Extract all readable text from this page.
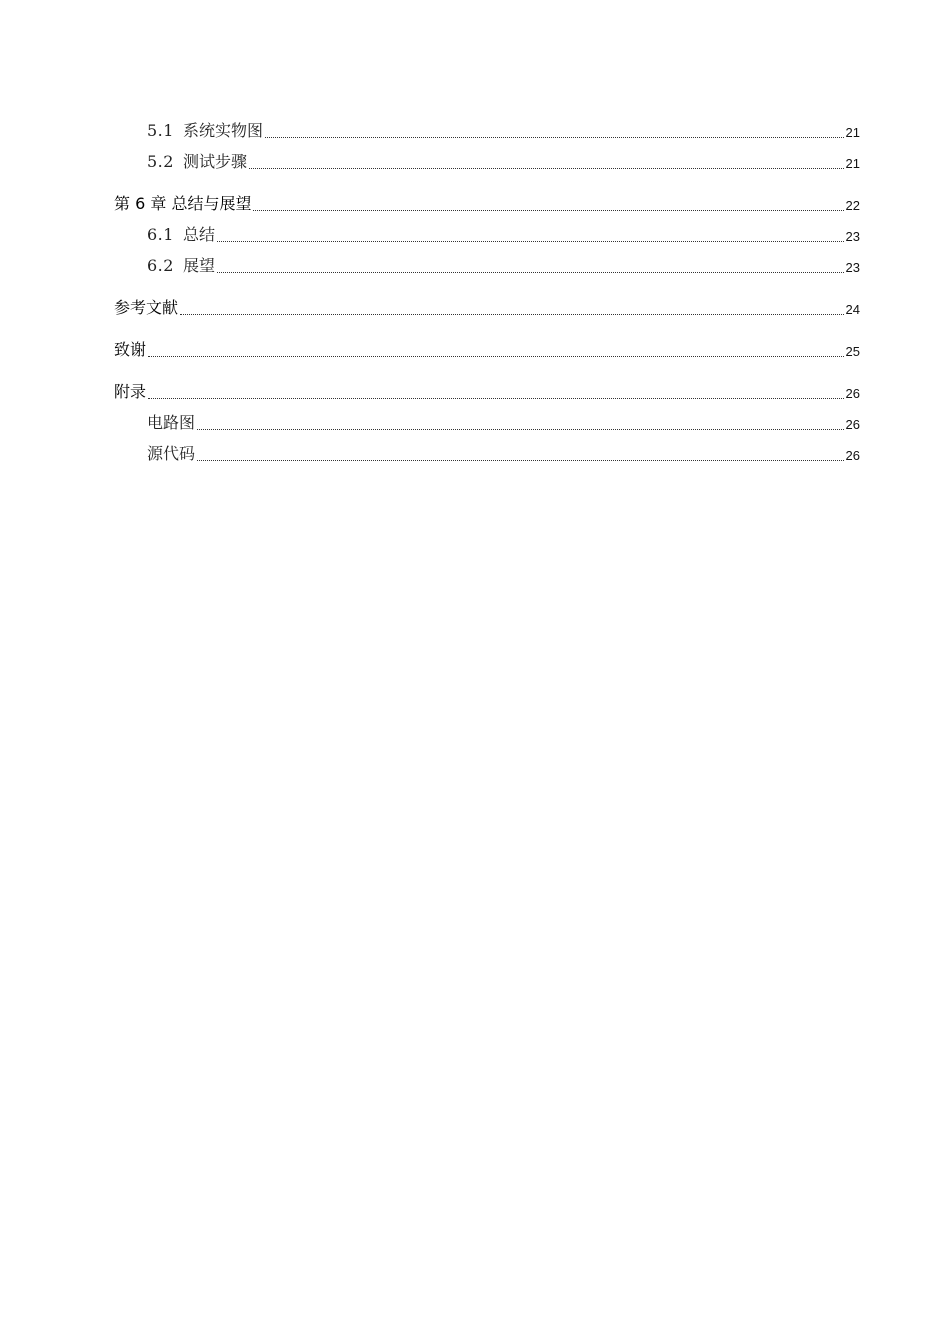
5.1 系统实物图	21
5.2 测试步骤	21
第 6 章 总结与展望	22
6.1 总结	23
6.2 展望	23
参考文献	24
致谢	25
附录	26
电路图	26
源代码	26
